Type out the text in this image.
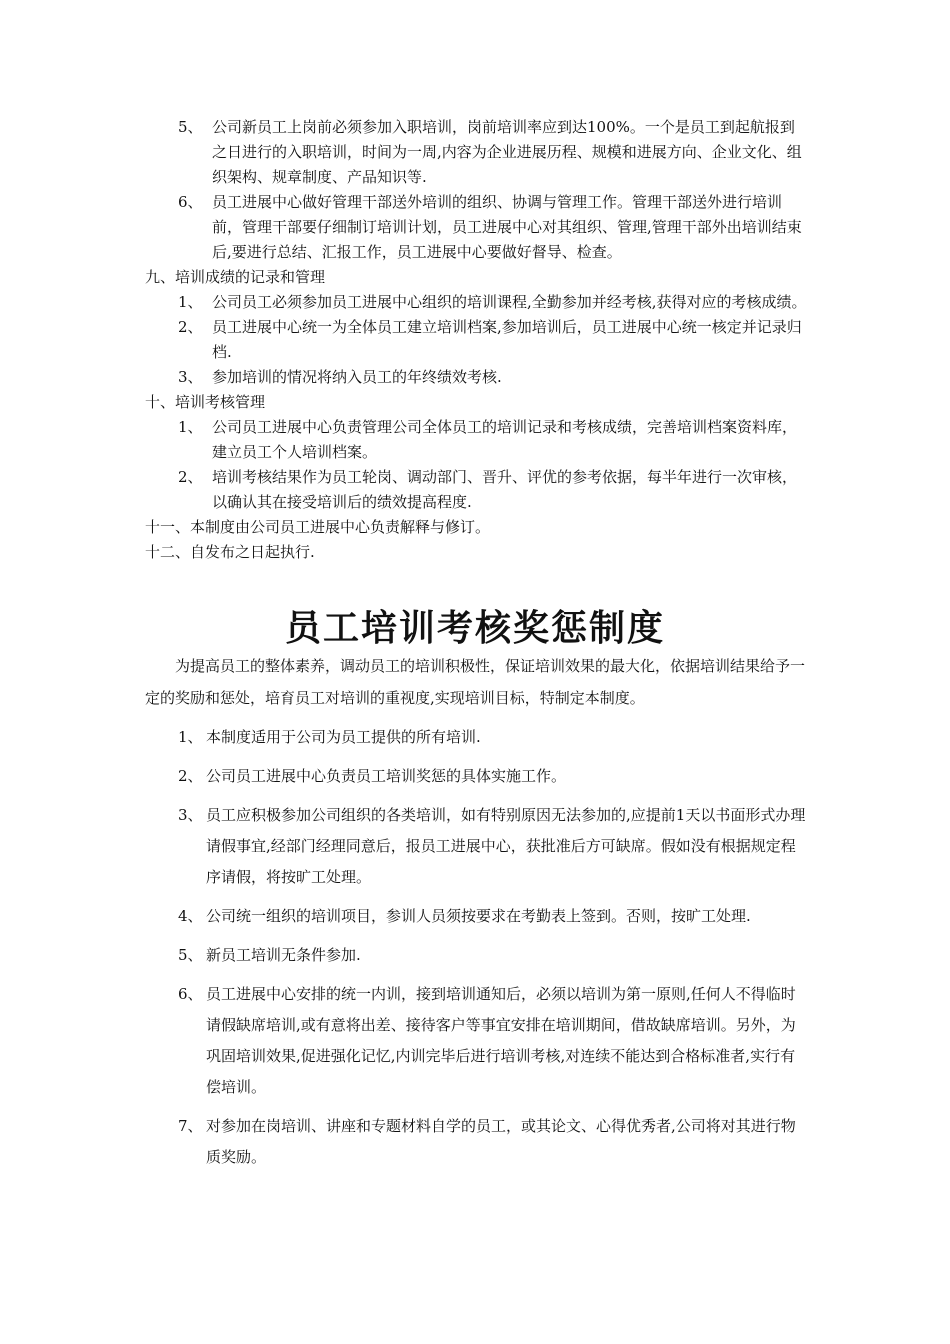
5、 公司新员工上岗前必须参加入职培训，岗前培训率应到达100%。一个是员工到起航报到之日进行的入职培训，时间为一周,内容为企业进展历程、规模和进展方向、企业文化、组织架构、规章制度、产品知识等.
6、 员工进展中心做好管理干部送外培训的组织、协调与管理工作。管理干部送外进行培训前，管理干部要仔细制订培训计划，员工进展中心对其组织、管理,管理干部外出培训结束后,要进行总结、汇报工作，员工进展中心要做好督导、检查。
九、培训成绩的记录和管理
1、 公司员工必须参加员工进展中心组织的培训课程,全勤参加并经考核,获得对应的考核成绩。
2、 员工进展中心统一为全体员工建立培训档案,参加培训后，员工进展中心统一核定并记录归档.
3、 参加培训的情况将纳入员工的年终绩效考核.
十、培训考核管理
1、 公司员工进展中心负责管理公司全体员工的培训记录和考核成绩，完善培训档案资料库，建立员工个人培训档案。
2、 培训考核结果作为员工轮岗、调动部门、晋升、评优的参考依据，每半年进行一次审核，以确认其在接受培训后的绩效提高程度.
十一、本制度由公司员工进展中心负责解释与修订。
十二、自发布之日起执行.
员工培训考核奖惩制度
为提高员工的整体素养，调动员工的培训积极性，保证培训效果的最大化，依据培训结果给予一定的奖励和惩处，培育员工对培训的重视度,实现培训目标，特制定本制度。
1、 本制度适用于公司为员工提供的所有培训.
2、 公司员工进展中心负责员工培训奖惩的具体实施工作。
3、 员工应积极参加公司组织的各类培训，如有特别原因无法参加的,应提前1天以书面形式办理请假事宜,经部门经理同意后，报员工进展中心，获批准后方可缺席。假如没有根据规定程序请假，将按旷工处理。
4、 公司统一组织的培训项目，参训人员须按要求在考勤表上签到。否则，按旷工处理.
5、 新员工培训无条件参加.
6、 员工进展中心安排的统一内训，接到培训通知后，必须以培训为第一原则,任何人不得临时请假缺席培训,或有意将出差、接待客户等事宜安排在培训期间，借故缺席培训。另外，为巩固培训效果,促进强化记忆,内训完毕后进行培训考核,对连续不能达到合格标准者,实行有偿培训。
7、 对参加在岗培训、讲座和专题材料自学的员工，或其论文、心得优秀者,公司将对其进行物质奖励。
